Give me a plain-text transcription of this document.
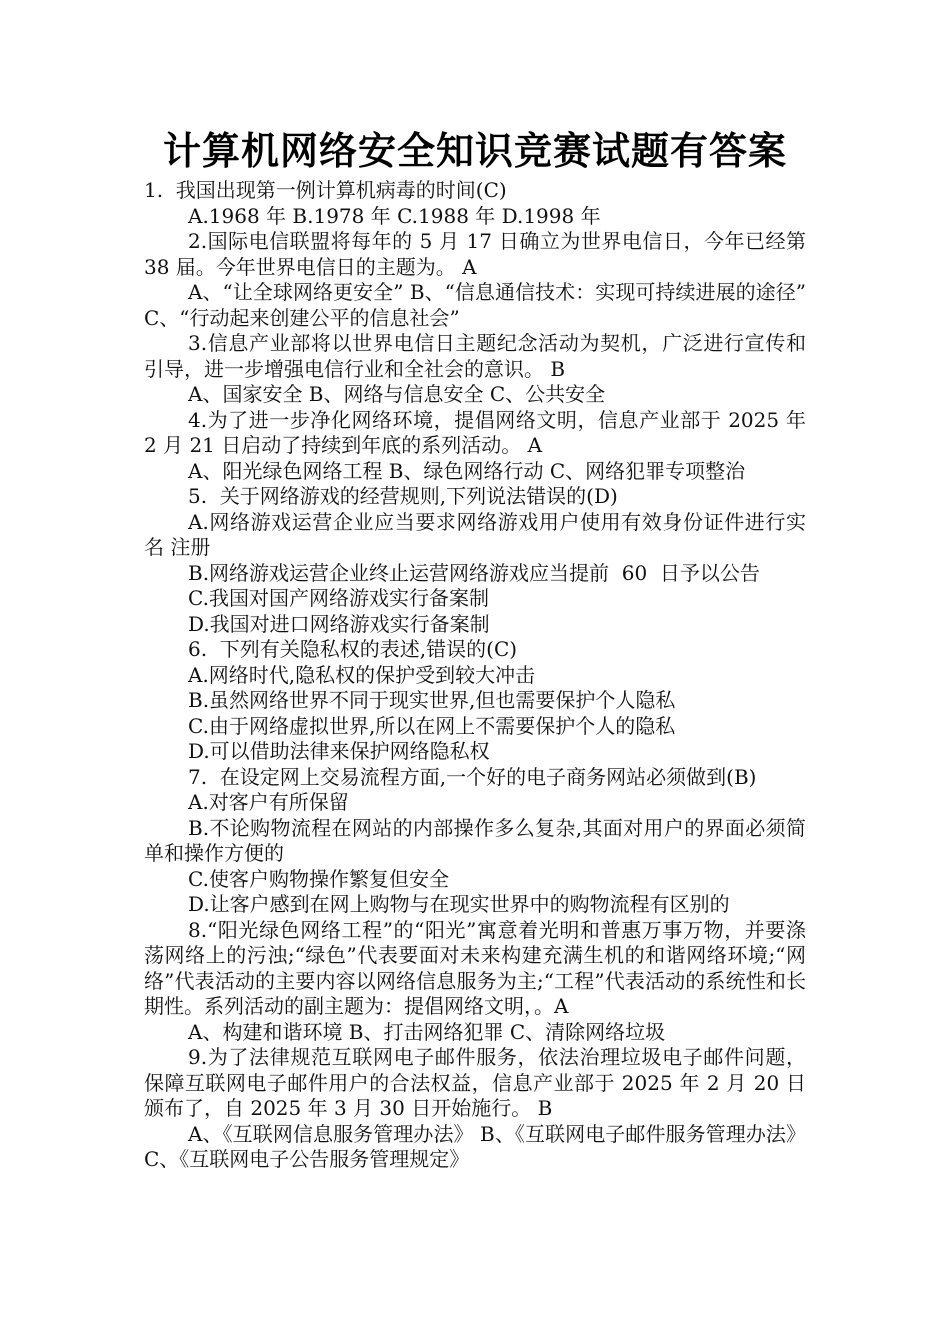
计算机网络安全知识竞赛试题有答案

1.  我国出现第一例计算机病毒的时间(C)

A.1968 年 B.1978 年 C.1988 年 D.1998 年

2.国际电信联盟将每年的 5 月 17 日确立为世界电信日，今年已经第 38 届。今年世界电信日的主题为。 A

A、“让全球网络更安全” B、“信息通信技术：实现可持续进展的途径” C、“行动起来创建公平的信息社会”

3.信息产业部将以世界电信日主题纪念活动为契机，广泛进行宣传和引导，进一步增强电信行业和全社会的意识。 B

A、国家安全 B、网络与信息安全 C、公共安全

4.为了进一步净化网络环境，提倡网络文明，信息产业部于 2025 年 2 月 21 日启动了持续到年底的系列活动。 A

A、阳光绿色网络工程 B、绿色网络行动 C、网络犯罪专项整治

5.  关于网络游戏的经营规则,下列说法错误的(D)

A.网络游戏运营企业应当要求网络游戏用户使用有效身份证件进行实名 注册

B.网络游戏运营企业终止运营网络游戏应当提前  60  日予以公告

C.我国对国产网络游戏实行备案制

D.我国对进口网络游戏实行备案制

6.  下列有关隐私权的表述,错误的(C)

A.网络时代,隐私权的保护受到较大冲击

B.虽然网络世界不同于现实世界,但也需要保护个人隐私

C.由于网络虚拟世界,所以在网上不需要保护个人的隐私

D.可以借助法律来保护网络隐私权

7.  在设定网上交易流程方面,一个好的电子商务网站必须做到(B)

A.对客户有所保留

B.不论购物流程在网站的内部操作多么复杂,其面对用户的界面必须简单和操作方便的

C.使客户购物操作繁复但安全

D.让客户感到在网上购物与在现实世界中的购物流程有区别的

8.“阳光绿色网络工程”的“阳光”寓意着光明和普惠万事万物，并要涤荡网络上的污浊;“绿色”代表要面对未来构建充满生机的和谐网络环境;“网络”代表活动的主要内容以网络信息服务为主;“工程”代表活动的系统性和长期性。系列活动的副主题为：提倡网络文明，。A

A、构建和谐环境 B、打击网络犯罪 C、清除网络垃圾

9.为了法律规范互联网电子邮件服务，依法治理垃圾电子邮件问题，保障互联网电子邮件用户的合法权益，信息产业部于 2025 年 2 月 20 日颁布了，自 2025 年 3 月 30 日开始施行。 B

A、《互联网信息服务管理办法》 B、《互联网电子邮件服务管理办法》 C、《互联网电子公告服务管理规定》
